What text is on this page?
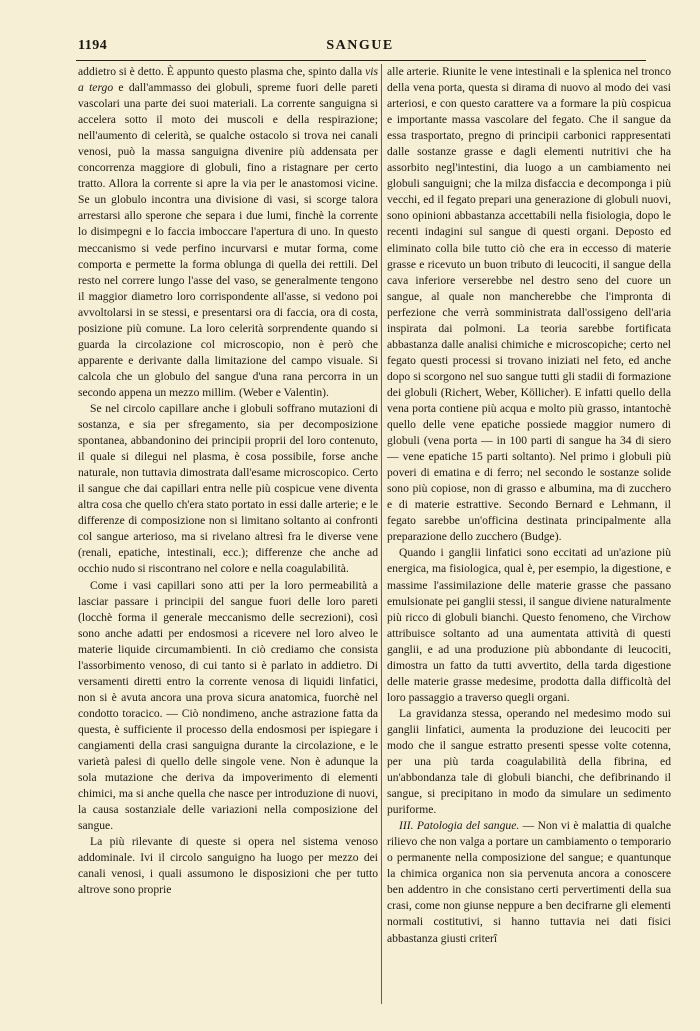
1194	SANGUE

addietro si è detto. È appunto questo plasma che, spinto dalla vis a tergo e dall'ammasso dei globuli, spreme fuori delle pareti vascolari una parte dei suoi materiali. La corrente sanguigna si accelera sotto il moto dei muscoli e della respirazione; nell'aumento di celerità, se qualche ostacolo si trova nei canali venosi, può la massa sanguigna divenire più addensata per concorrenza maggiore di globuli, fino a ristagnare per certo tratto. Allora la corrente si apre la via per le anastomosi vicine. Se un globulo incontra una divisione di vasi, si scorge talora arrestarsi allo sperone che separa i due lumi, finchè la corrente lo disimpegni e lo faccia imboccare l'apertura di uno. In questo meccanismo si vede perfino incurvarsi e mutar forma, come comporta e permette la forma oblunga di quella dei rettili. Del resto nel correre lungo l'asse del vaso, se generalmente tengono il maggior diametro loro corrispondente all'asse, si vedono poi avvoltolarsi in se stessi, e presentarsi ora di faccia, ora di costa, posizione più comune. La loro celerità sorprendente quando si guarda la circolazione col microscopio, non è però che apparente e derivante dalla limitazione del campo visuale. Si calcola che un globulo del sangue d'una rana percorra in un secondo appena un mezzo millim. (Weber e Valentin).

Se nel circolo capillare anche i globuli soffrano mutazioni di sostanza, e sia per sfregamento, sia per decomposizione spontanea, abbandonino dei principii proprii del loro contenuto, il quale si dilegui nel plasma, è cosa possibile, forse anche naturale, non tuttavia dimostrata dall'esame microscopico. Certo il sangue che dai capillari entra nelle più cospicue vene diventa altra cosa che quello ch'era stato portato in essi dalle arterie; e le differenze di composizione non si limitano soltanto ai confronti col sangue arterioso, ma si rivelano altresì fra le diverse vene (renali, epatiche, intestinali, ecc.); differenze che anche ad occhio nudo si riscontrano nel colore e nella coagulabilità.

Come i vasi capillari sono atti per la loro permeabilità a lasciar passare i principii del sangue fuori delle loro pareti (locchè forma il generale meccanismo delle secrezioni), così sono anche adatti per endosmosi a ricevere nel loro alveo le materie liquide circumambienti. In ciò crediamo che consista l'assorbimento venoso, di cui tanto si è parlato in addietro. Di versamenti diretti entro la corrente venosa di liquidi linfatici, non si è avuta ancora una prova sicura anatomica, fuorchè nel condotto toracico. — Ciò nondimeno, anche astrazione fatta da questa, è sufficiente il processo della endosmosi per ispiegare i cangiamenti della crasi sanguigna durante la circolazione, e le varietà palesi di quello delle singole vene. Non è adunque la sola mutazione che deriva da impoverimento di elementi chimici, ma si anche quella che nasce per introduzione di nuovi, la causa sostanziale delle variazioni nella composizione del sangue.

La più rilevante di queste si opera nel sistema venoso addominale. Ivi il circolo sanguigno ha luogo per mezzo dei canali venosi, i quali assumono le disposizioni che per tutto altrove sono proprie

alle arterie. Riunite le vene intestinali e la splenica nel tronco della vena porta, questa si dirama di nuovo al modo dei vasi arteriosi, e con questo carattere va a formare la più cospicua e importante massa vascolare del fegato. Che il sangue da essa trasportato, pregno di principii carbonici rappresentati dalle sostanze grasse e dagli elementi nutritivi che ha assorbito negl'intestini, dia luogo a un cambiamento nei globuli sanguigni; che la milza disfaccia e decomponga i più vecchi, ed il fegato prepari una generazione di globuli nuovi, sono opinioni abbastanza accettabili nella fisiologia, dopo le recenti indagini sul sangue di questi organi. Deposto ed eliminato colla bile tutto ciò che era in eccesso di materie grasse e ricevuto un buon tributo di leucociti, il sangue della cava inferiore verserebbe nel destro seno del cuore un sangue, al quale non mancherebbe che l'impronta di perfezione che verrà somministrata dall'ossigeno dell'aria inspirata dai polmoni. La teoria sarebbe fortificata abbastanza dalle analisi chimiche e microscopiche; certo nel fegato questi processi si trovano iniziati nel feto, ed anche dopo si scorgono nel suo sangue tutti gli stadii di formazione dei globuli (Richert, Weber, Köllicher). E infatti quello della vena porta contiene più acqua e molto più grasso, intantochè quello delle vene epatiche possiede maggior numero di globuli (vena porta — in 100 parti di sangue ha 34 di siero — vene epatiche 15 parti soltanto). Nel primo i globuli più poveri di ematina e di ferro; nel secondo le sostanze solide sono più copiose, non di grasso e albumina, ma di zucchero e di materie estrattive. Secondo Bernard e Lehmann, il fegato sarebbe un'officina destinata principalmente alla preparazione dello zucchero (Budge).

Quando i ganglii linfatici sono eccitati ad un'azione più energica, ma fisiologica, qual è, per esempio, la digestione, e massime l'assimilazione delle materie grasse che passano emulsionate pei ganglii stessi, il sangue diviene naturalmente più ricco di globuli bianchi. Questo fenomeno, che Virchow attribuisce soltanto ad una aumentata attività di questi ganglii, e ad una produzione più abbondante di leucociti, dimostra un fatto da tutti avvertito, della tarda digestione delle materie grasse medesime, prodotta dalla difficoltà del loro passaggio a traverso quegli organi.

La gravidanza stessa, operando nel medesimo modo sui ganglii linfatici, aumenta la produzione dei leucociti per modo che il sangue estratto presenti spesse volte cotenna, per una più tarda coagulabilità della fibrina, ed un'abbondanza tale di globuli bianchi, che defibrinando il sangue, si precipitano in modo da simulare un sedimento puriforme.

III. Patologia del sangue. — Non vi è malattia di qualche rilievo che non valga a portare un cambiamento o temporario o permanente nella composizione del sangue; e quantunque la chimica organica non sia pervenuta ancora a conoscere ben addentro in che consistano certi pervertimenti della sua crasi, come non giunse neppure a ben decifrarne gli elementi normali costitutivi, si hanno tuttavia nei dati fisici abbastanza giusti criterî
